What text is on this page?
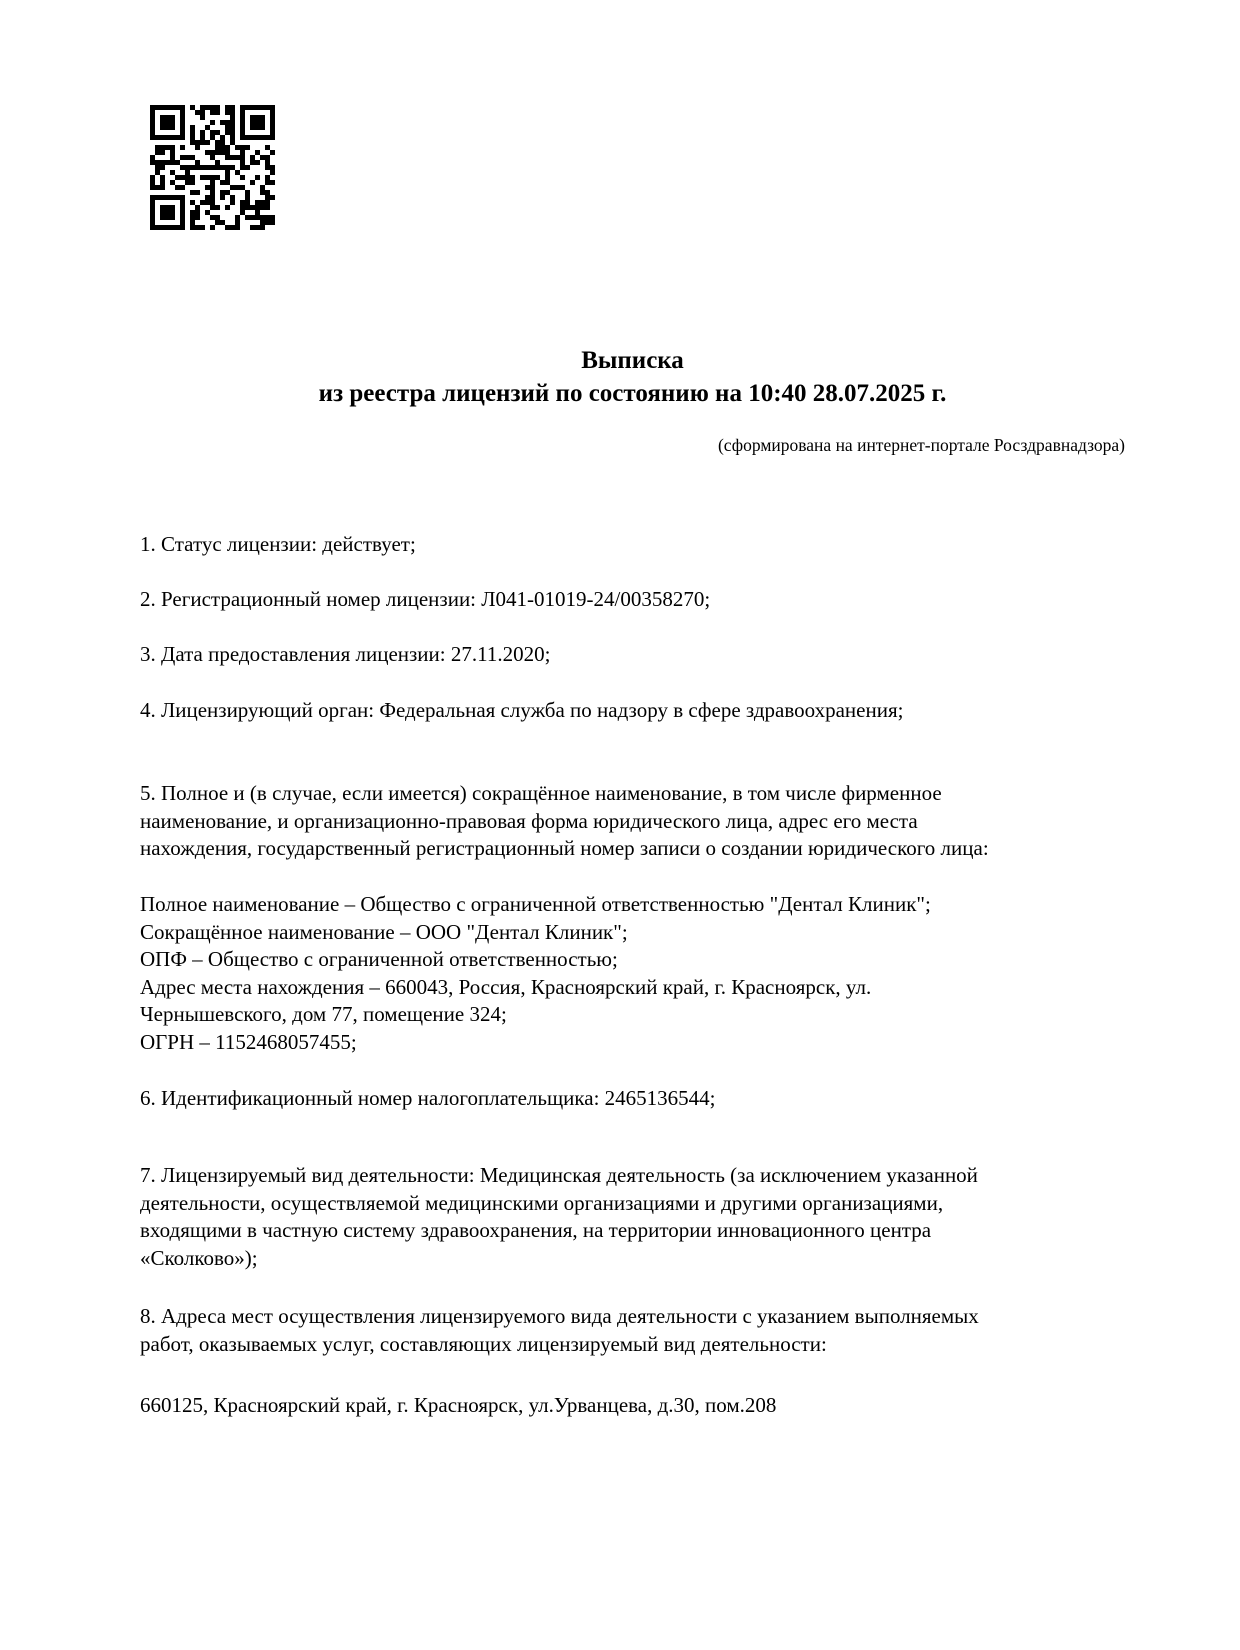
Выписка
из реестра лицензий по состоянию на 10:40 28.07.2025 г.
(сформирована на интернет-портале Росздравнадзора)
1. Статус лицензии: действует;
2. Регистрационный номер лицензии: Л041-01019-24/00358270;
3. Дата предоставления лицензии: 27.11.2020;
4. Лицензирующий орган: Федеральная служба по надзору в сфере здравоохранения;
5. Полное и (в случае, если имеется) сокращённое наименование, в том числе фирменное
наименование, и организационно-правовая форма юридического лица, адрес его места
нахождения, государственный регистрационный номер записи о создании юридического лица:
Полное наименование – Общество с ограниченной ответственностью "Дентал Клиник";
Сокращённое наименование – ООО "Дентал Клиник";
ОПФ – Общество с ограниченной ответственностью;
Адрес места нахождения – 660043, Россия, Красноярский край, г. Красноярск, ул.
Чернышевского, дом 77, помещение 324;
ОГРН – 1152468057455;
6. Идентификационный номер налогоплательщика: 2465136544;
7. Лицензируемый вид деятельности: Медицинская деятельность (за исключением указанной
деятельности, осуществляемой медицинскими организациями и другими организациями,
входящими в частную систему здравоохранения, на территории инновационного центра
«Сколково»);
8. Адреса мест осуществления лицензируемого вида деятельности с указанием выполняемых
работ, оказываемых услуг, составляющих лицензируемый вид деятельности:
660125, Красноярский край, г. Красноярск, ул.Урванцева, д.30, пом.208
